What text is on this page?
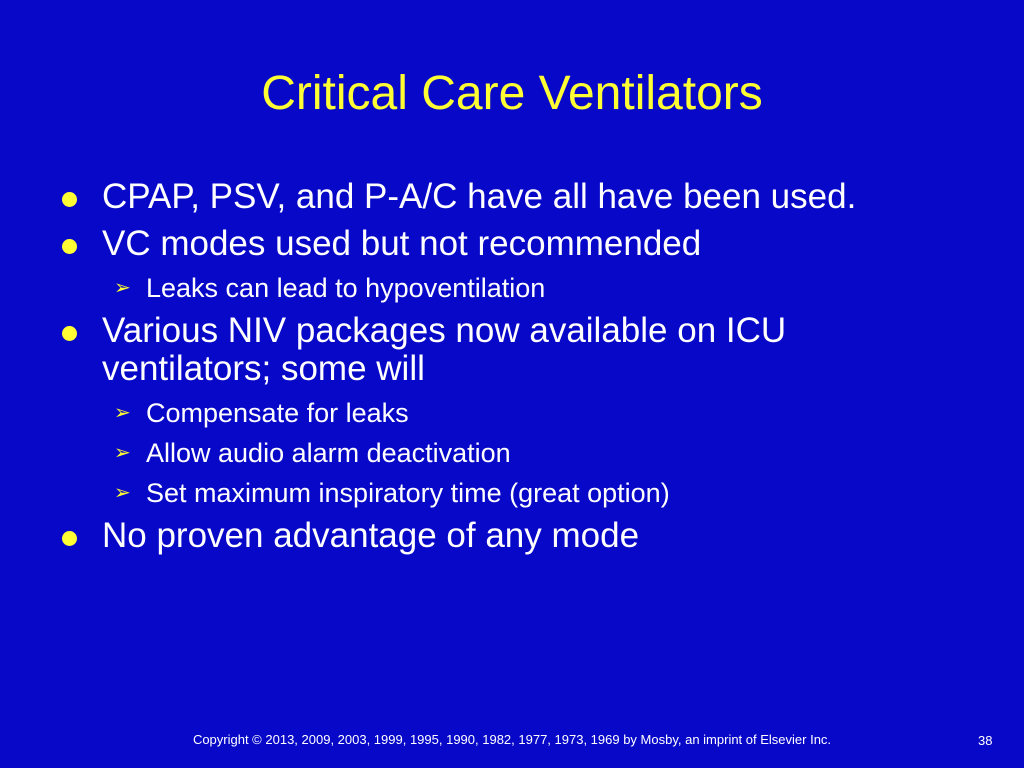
Critical Care Ventilators
CPAP, PSV, and P-A/C have all have been used.
VC modes used but not recommended
➢ Leaks can lead to hypoventilation
Various NIV packages now available on ICU ventilators; some will
➢ Compensate for leaks
➢ Allow audio alarm deactivation
➢ Set maximum inspiratory time (great option)
No proven advantage of any mode
Copyright © 2013, 2009, 2003, 1999, 1995, 1990, 1982, 1977, 1973, 1969 by Mosby, an imprint of Elsevier Inc.	38
